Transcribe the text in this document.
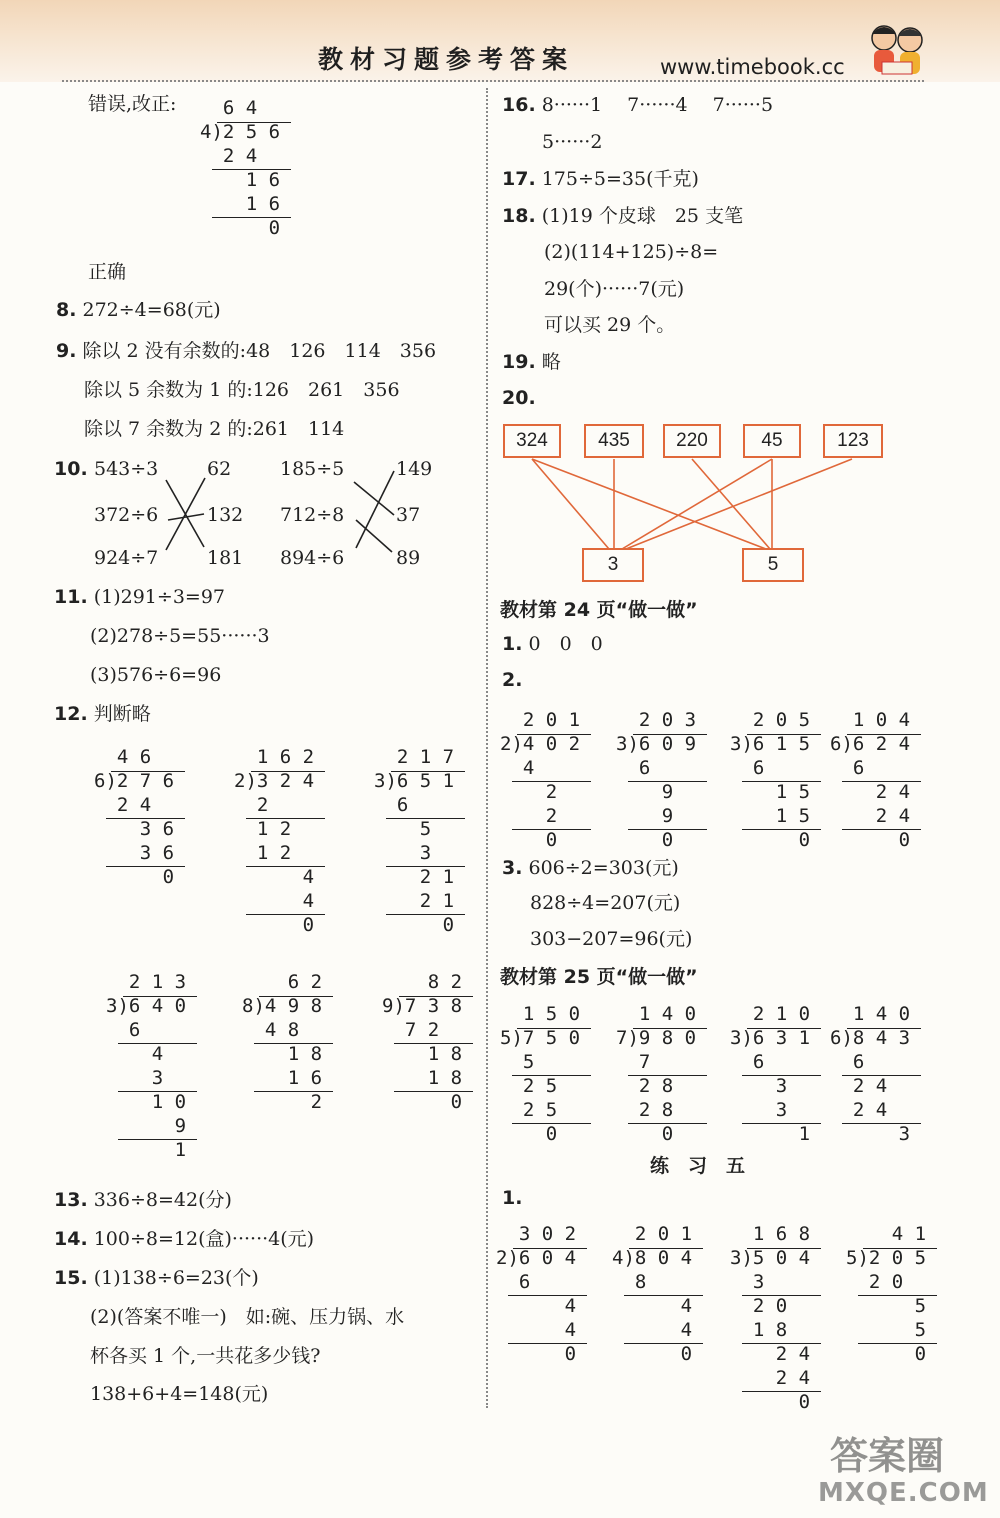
教材习题参考答案	www.timebook.cc
错误,改正: 6 4
4)2 5 6
2 4
1 6
1 6
0
正确
8. 272÷4=68(元)
9. 除以 2 没有余数的:48　126　114　356
除以 5 余数为 1 的:126　261　356
除以 7 余数为 2 的:261　114
10. 543÷3
372÷6
924÷7
62
132
181
185÷5
712÷8
894÷6
149
37
89
11. (1)291÷3=97
(2)278÷5=55······3
(3)576÷6=96
12. 判断略
4 6
6)2 7 6
2 4
3 6
3 6
0
1 6 2
2)3 2 4
2
1 2
1 2
4
4
0
2 1 7
3)6 5 1
6
5
3
2 1
2 1
0
2 1 3
3)6 4 0
6
4
3
1 0
9
1
6 2
8)4 9 8
4 8
1 8
1 6
2
8 2
9)7 3 8
7 2
1 8
1 8
0
13. 336÷8=42(分)
14. 100÷8=12(盒)······4(元)
15. (1)138÷6=23(个)
(2)(答案不唯一)　如:碗、压力锅、水
杯各买 1 个,一共花多少钱?
138+6+4=148(元)
16. 8······1　 7······4　 7······5
5······2
17. 175÷5=35(千克)
18. (1)19 个皮球　25 支笔
(2)(114+125)÷8=
29(个)······7(元)
可以买 29 个。
19. 略
20.
324	435	220	45	123
3	5
教材第 24 页“做一做”
1. 0　0　0
2.
2 0 1
2)4 0 2
4
2
2
0
2 0 3
3)6 0 9
6
9
9
0
2 0 5
3)6 1 5
6
1 5
1 5
0
1 0 4
6)6 2 4
6
2 4
2 4
0
3. 606÷2=303(元)
828÷4=207(元)
303−207=96(元)
教材第 25 页“做一做”
1 5 0
5)7 5 0
5
2 5
2 5
0
1 4 0
7)9 8 0
7
2 8
2 8
0
2 1 0
3)6 3 1
6
3
3
1
1 4 0
6)8 4 3
6
2 4
2 4
3
练　习　五
1.
3 0 2
2)6 0 4
6
4
4
0
2 0 1
4)8 0 4
8
4
4
0
1 6 8
3)5 0 4
3
2 0
1 8
2 4
2 4
0
4 1
5)2 0 5
2 0
5
5
0
答案圈
MXQE.COM
